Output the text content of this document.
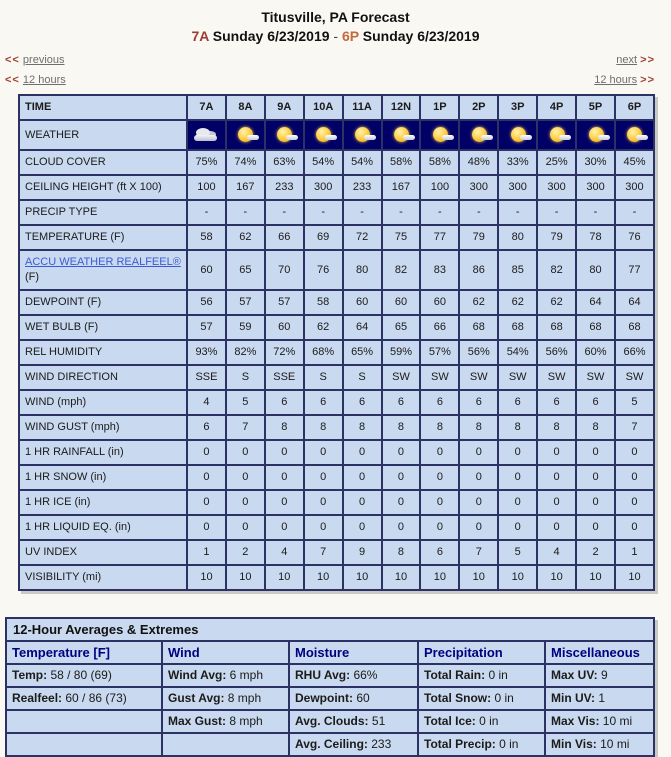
Titusville, PA Forecast
7A Sunday 6/23/2019 - 6P Sunday 6/23/2019
<< previous	next >>
<< 12 hours	12 hours >>
TIME	7A	8A	9A	10A	11A	12N	1P	2P	3P	4P	5P	6P
WEATHER												
CLOUD COVER	75%	74%	63%	54%	54%	58%	58%	48%	33%	25%	30%	45%
CEILING HEIGHT (ft X 100)	100	167	233	300	233	167	100	300	300	300	300	300
PRECIP TYPE	-	-	-	-	-	-	-	-	-	-	-	-
TEMPERATURE (F)	58	62	66	69	72	75	77	79	80	79	78	76
ACCU WEATHER REALFEEL® (F)	60	65	70	76	80	82	83	86	85	82	80	77
DEWPOINT (F)	56	57	57	58	60	60	60	62	62	62	64	64
WET BULB (F)	57	59	60	62	64	65	66	68	68	68	68	68
REL HUMIDITY	93%	82%	72%	68%	65%	59%	57%	56%	54%	56%	60%	66%
WIND DIRECTION	SSE	S	SSE	S	S	SW	SW	SW	SW	SW	SW	SW
WIND (mph)	4	5	6	6	6	6	6	6	6	6	6	5
WIND GUST (mph)	6	7	8	8	8	8	8	8	8	8	8	7
1 HR RAINFALL (in)	0	0	0	0	0	0	0	0	0	0	0	0
1 HR SNOW (in)	0	0	0	0	0	0	0	0	0	0	0	0
1 HR ICE (in)	0	0	0	0	0	0	0	0	0	0	0	0
1 HR LIQUID EQ. (in)	0	0	0	0	0	0	0	0	0	0	0	0
UV INDEX	1	2	4	7	9	8	6	7	5	4	2	1
VISIBILITY (mi)	10	10	10	10	10	10	10	10	10	10	10	10
12-Hour Averages & Extremes				
Temperature [F]	Wind	Moisture	Precipitation	Miscellaneous
Temp: 58 / 80 (69)	Wind Avg: 6 mph	RHU Avg: 66%	Total Rain: 0 in	Max UV: 9
Realfeel: 60 / 86 (73)	Gust Avg: 8 mph	Dewpoint: 60	Total Snow: 0 in	Min UV: 1
	Max Gust: 8 mph	Avg. Clouds: 51	Total Ice: 0 in	Max Vis: 10 mi
		Avg. Ceiling: 233	Total Precip: 0 in	Min Vis: 10 mi
